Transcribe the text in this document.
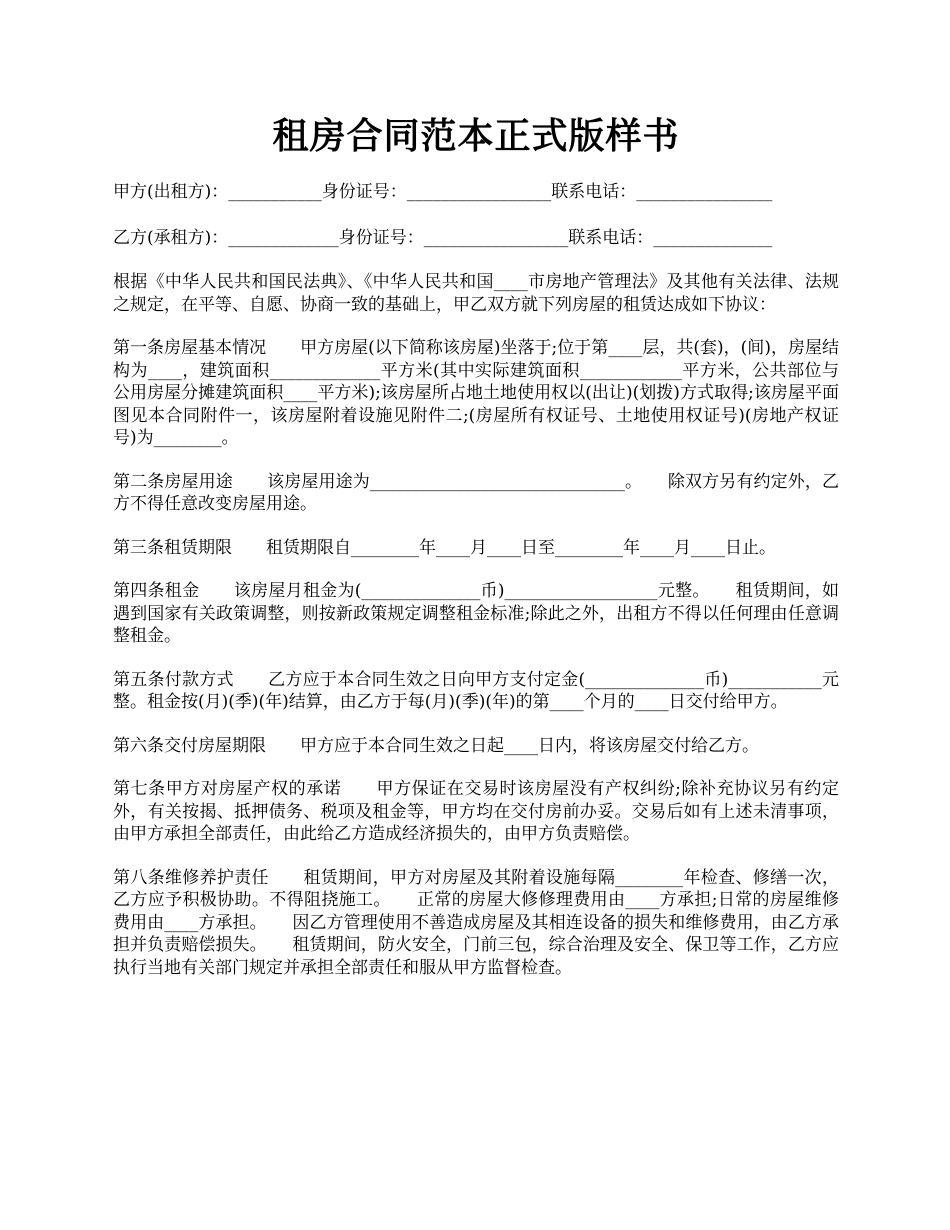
租房合同范本正式版样书

甲方(出租方)：___________身份证号：_________________联系电话：________________

乙方(承租方)：_____________身份证号：_________________联系电话：______________

根据《中华人民共和国民法典》、《中华人民共和国____市房地产管理法》及其他有关法律、法规之规定，在平等、自愿、协商一致的基础上，甲乙双方就下列房屋的租赁达成如下协议：

第一条房屋基本情况　　甲方房屋(以下简称该房屋)坐落于;位于第____层，共(套)，(间)，房屋结构为____，建筑面积_____________平方米(其中实际建筑面积____________平方米，公共部位与公用房屋分摊建筑面积____平方米);该房屋所占地土地使用权以(出让)(划拨)方式取得;该房屋平面图见本合同附件一，该房屋附着设施见附件二;(房屋所有权证号、土地使用权证号)(房地产权证号)为________。

第二条房屋用途　　该房屋用途为______________________________。　　除双方另有约定外，乙方不得任意改变房屋用途。

第三条租赁期限　　租赁期限自________年____月____日至________年____月____日止。

第四条租金　　该房屋月租金为(______________币)__________________元整。　　租赁期间，如遇到国家有关政策调整，则按新政策规定调整租金标准;除此之外，出租方不得以任何理由任意调整租金。

第五条付款方式　　乙方应于本合同生效之日向甲方支付定金(______________币)___________元整。租金按(月)(季)(年)结算，由乙方于每(月)(季)(年)的第____个月的____日交付给甲方。

第六条交付房屋期限　　甲方应于本合同生效之日起____日内，将该房屋交付给乙方。

第七条甲方对房屋产权的承诺　　甲方保证在交易时该房屋没有产权纠纷;除补充协议另有约定外，有关按揭、抵押债务、税项及租金等，甲方均在交付房前办妥。交易后如有上述未清事项，由甲方承担全部责任，由此给乙方造成经济损失的，由甲方负责赔偿。

第八条维修养护责任　　租赁期间，甲方对房屋及其附着设施每隔________年检查、修缮一次，乙方应予积极协助。不得阻挠施工。　　正常的房屋大修修理费用由____方承担;日常的房屋维修费用由____方承担。　　因乙方管理使用不善造成房屋及其相连设备的损失和维修费用，由乙方承担并负责赔偿损失。　　租赁期间，防火安全，门前三包，综合治理及安全、保卫等工作，乙方应执行当地有关部门规定并承担全部责任和服从甲方监督检查。
